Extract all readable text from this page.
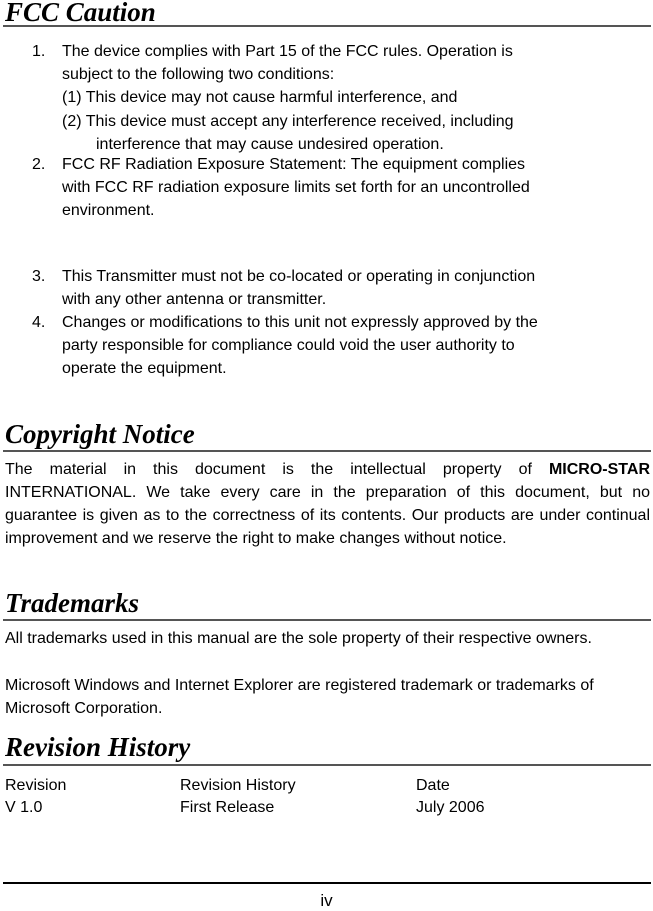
FCC Caution
1. The device complies with Part 15 of the FCC rules. Operation is
subject to the following two conditions:
(1) This device may not cause harmful interference, and
(2) This device must accept any interference received, including
interference that may cause undesired operation.
2. FCC RF Radiation Exposure Statement: The equipment complies
with FCC RF radiation exposure limits set forth for an uncontrolled
environment.
3. This Transmitter must not be co-located or operating in conjunction
with any other antenna or transmitter.
4. Changes or modifications to this unit not expressly approved by the
party responsible for compliance could void the user authority to
operate the equipment.
Copyright Notice
The material in this document is the intellectual property of MICRO-STAR INTERNATIONAL. We take every care in the preparation of this document, but no guarantee is given as to the correctness of its contents. Our products are under continual improvement and we reserve the right to make changes without notice.
Trademarks
All trademarks used in this manual are the sole property of their respective owners.
Microsoft Windows and Internet Explorer are registered trademark or trademarks of Microsoft Corporation.
Revision History
Revision	Revision History	Date
V 1.0	First Release	July 2006
iv
